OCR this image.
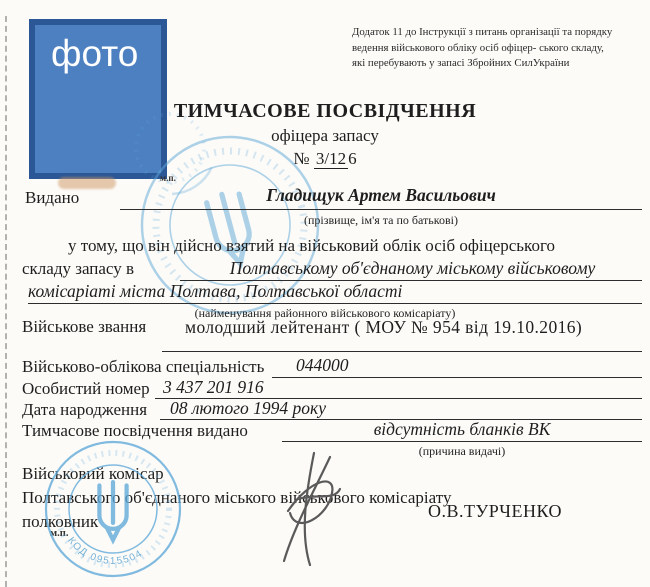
фото
Додаток 11 до Інструкції з питань організації та порядку
ведення військового обліку осіб офіцер- ського складу,
які перебувають у запасі Збройних СилУкраїни
ТИМЧАСОВЕ ПОСВІДЧЕННЯ
офіцера запасу
№ 3/12 6
м.п.
Видано	Гладищук Артем Васильович
(прізвище, ім'я та по батькові)
у тому, що він дійсно взятий на військовий облік осіб офіцерського
складу запасу в	Полтавському об'єднаному міському військовому
комісаріаті міста Полтава, Полтавської області
(найменування районного військового комісаріату)
Військове звання молодший лейтенант ( МОУ № 954 від 19.10.2016)
Військово-облікова спеціальність 044000
Особистий номер 3 437 201 916
Дата народження 08 лютого 1994 року
Тимчасове посвідчення видано	відсутність бланків ВК
(причина видачі)
Військовий комісар
Полтавського об'єднаного міського військового комісаріату
полковник
О.В.ТУРЧЕНКО
м.п.
КОД 09515504
